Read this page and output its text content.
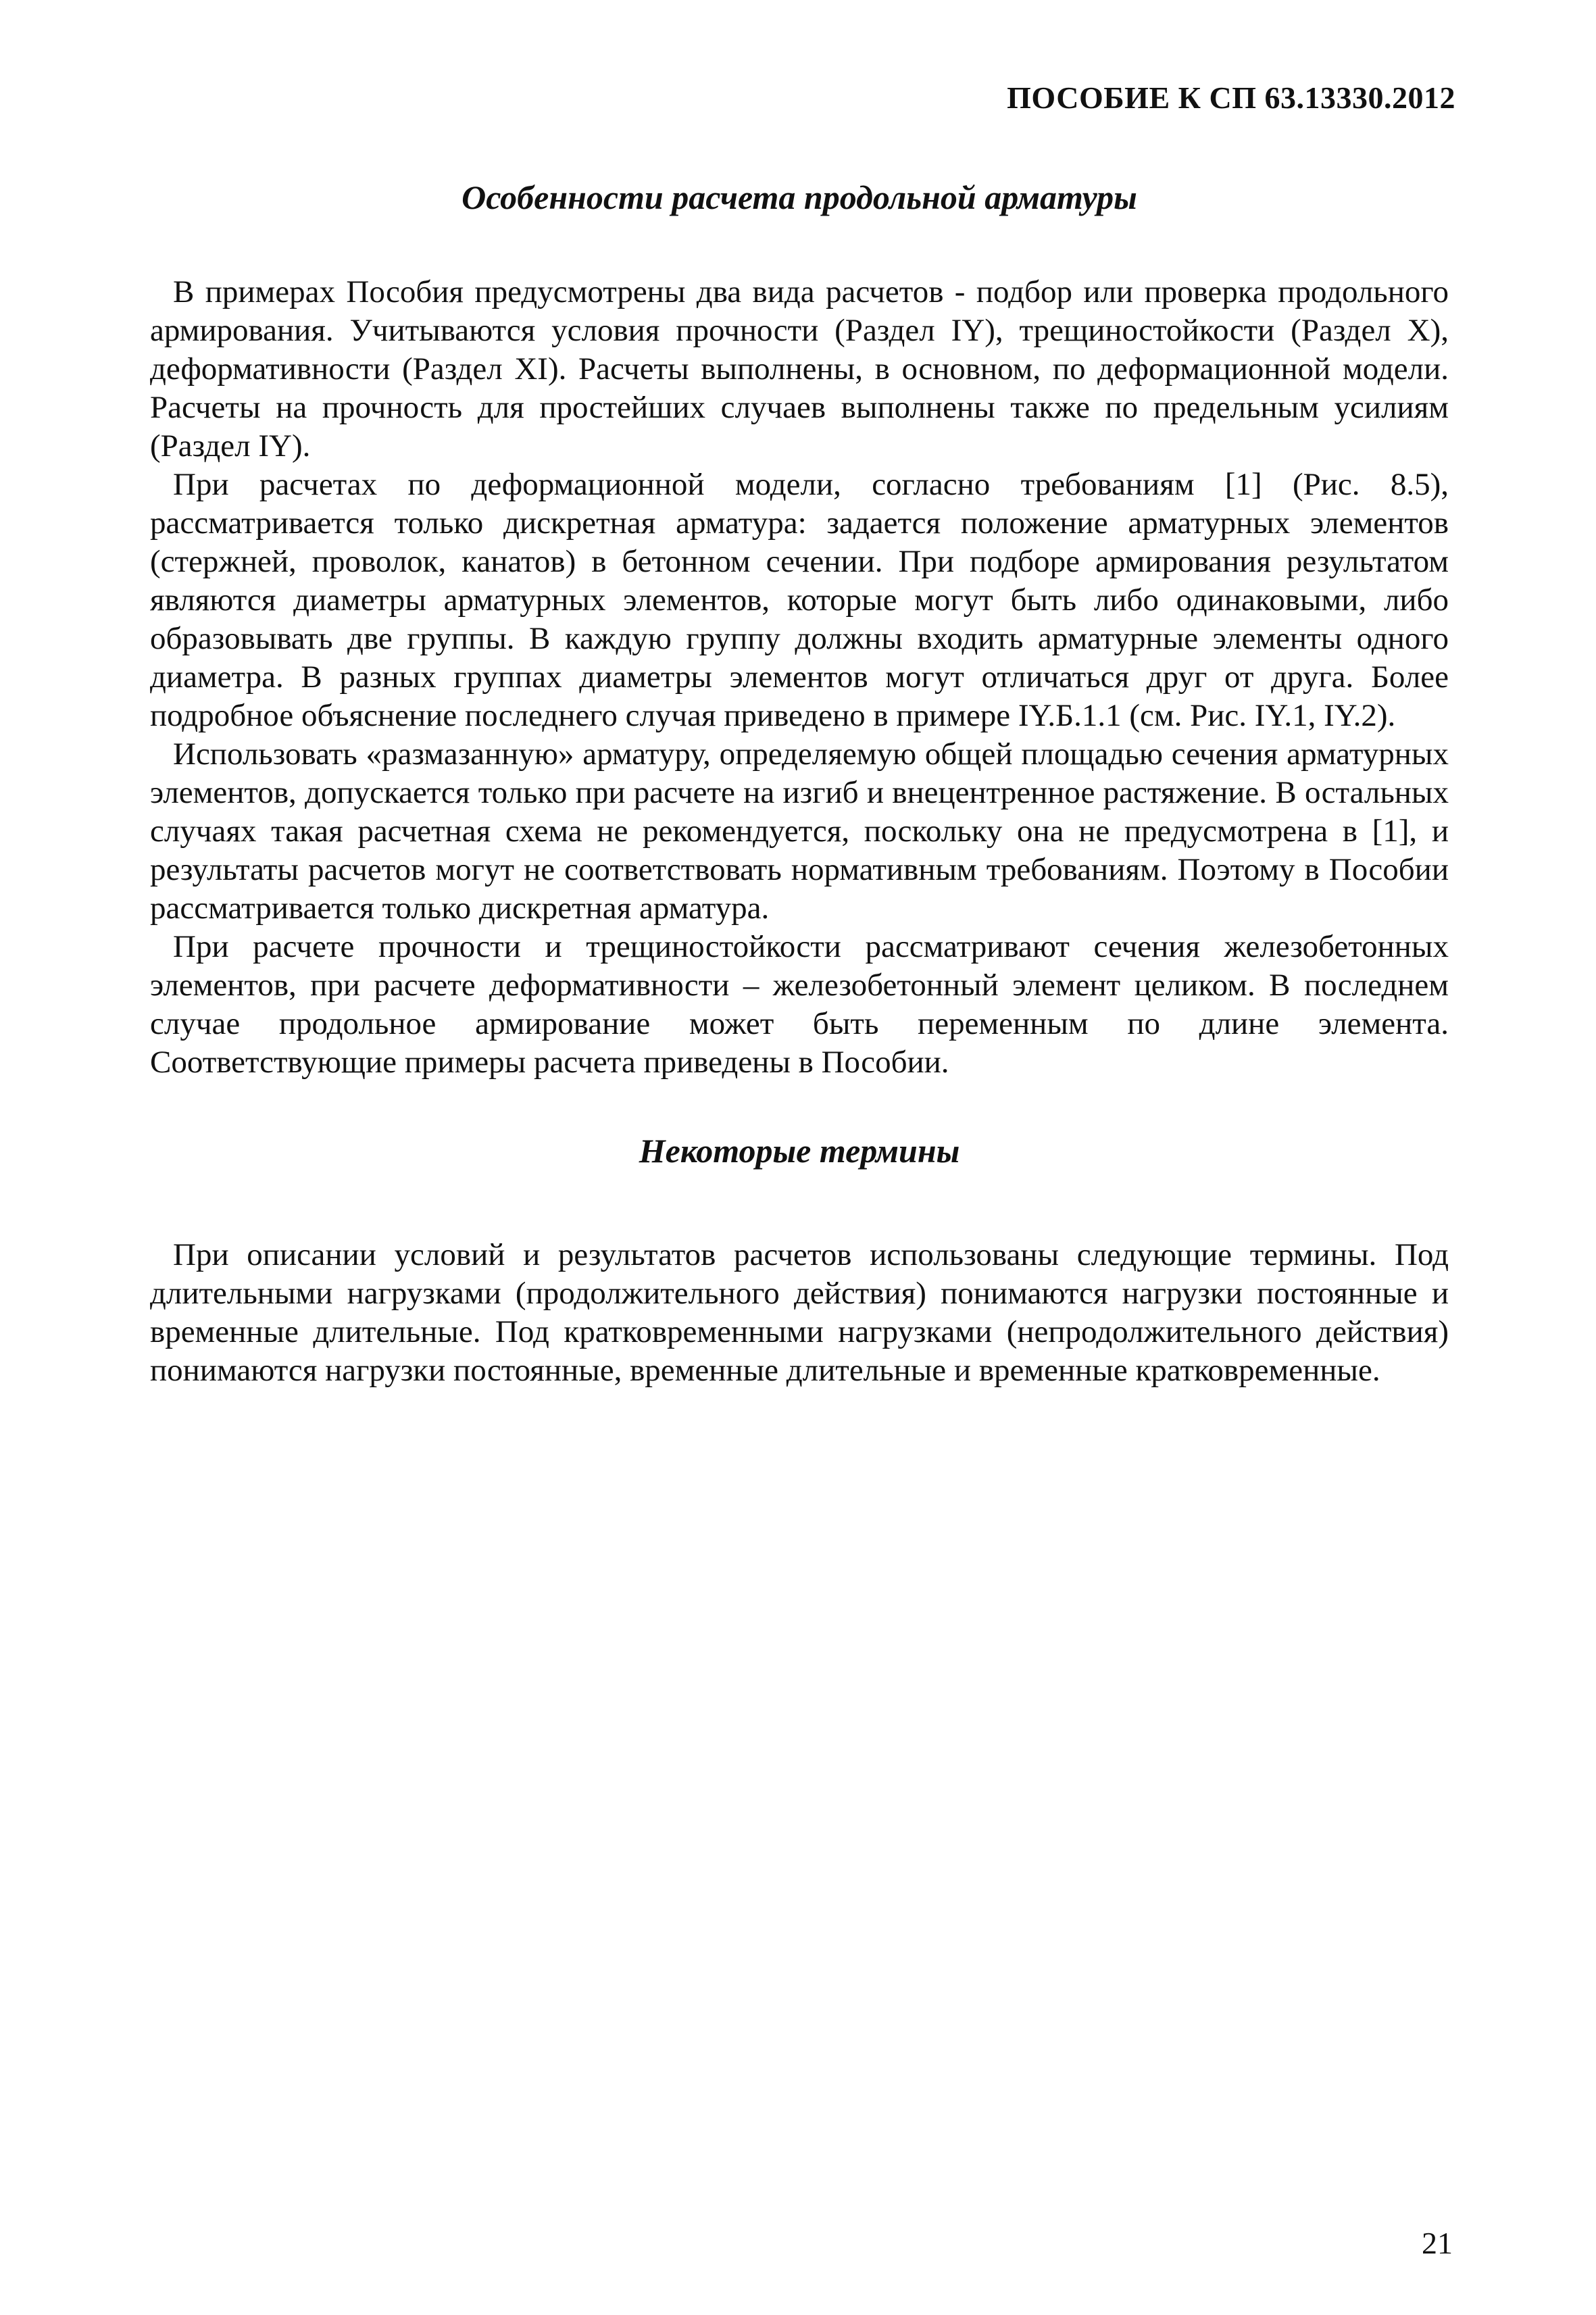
ПОСОБИЕ К СП 63.13330.2012
Особенности расчета продольной арматуры

В примерах Пособия предусмотрены два вида расчетов - подбор или проверка продольного армирования. Учитываются условия прочности (Раздел IY), трещиностойкости (Раздел X), деформативности (Раздел XI). Расчеты выполнены, в основном, по деформационной модели. Расчеты на прочность для простейших случаев выполнены также по предельным усилиям (Раздел IY).

При расчетах по деформационной модели, согласно требованиям [1] (Рис. 8.5), рассматривается только дискретная арматура: задается положение арматурных элементов (стержней, проволок, канатов) в бетонном сечении. При подборе армирования результатом являются диаметры арматурных элементов, которые могут быть либо одинаковыми, либо образовывать две группы. В каждую группу должны входить арматурные элементы одного диаметра. В разных группах диаметры элементов могут отличаться друг от друга. Более подробное объяснение последнего случая приведено в примере IY.Б.1.1 (см. Рис. IY.1, IY.2).

Использовать «размазанную» арматуру, определяемую общей площадью сечения арматурных элементов, допускается только при расчете на изгиб и внецентренное растяжение. В остальных случаях такая расчетная схема не рекомендуется, поскольку она не предусмотрена в [1], и результаты расчетов могут не соответствовать нормативным требованиям. Поэтому в Пособии рассматривается только дискретная арматура.

При расчете прочности и трещиностойкости рассматривают сечения железобетонных элементов, при расчете деформативности – железобетонный элемент целиком. В последнем случае продольное армирование может быть переменным по длине элемента. Соответствующие примеры расчета приведены в Пособии.

Некоторые термины

При описании условий и результатов расчетов использованы следующие термины. Под длительными нагрузками (продолжительного действия) понимаются нагрузки постоянные и временные длительные. Под кратковременными нагрузками (непродолжительного действия) понимаются нагрузки постоянные, временные длительные и временные кратковременные.

21
